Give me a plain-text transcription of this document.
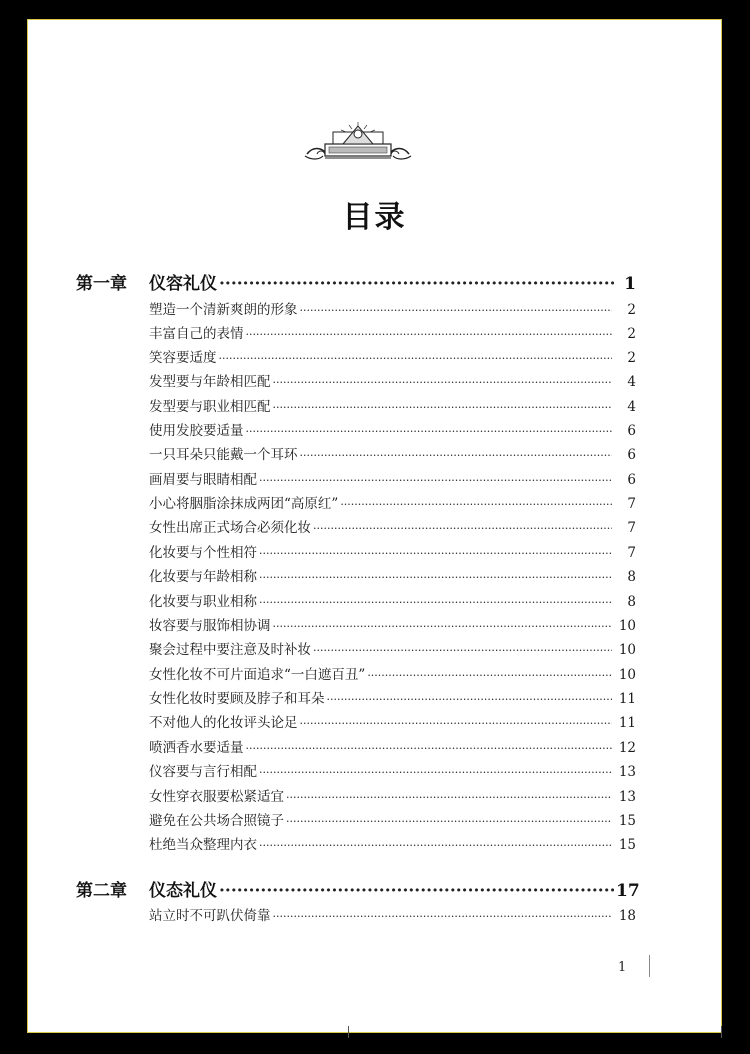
目录
第一章	仪容礼仪 ·····	1
塑造一个清新爽朗的形象 ·····	2
丰富自己的表情 ·····	2
笑容要适度 ·····	2
发型要与年龄相匹配 ·····	4
发型要与职业相匹配 ·····	4
使用发胶要适量 ·····	6
一只耳朵只能戴一个耳环 ·····	6
画眉要与眼睛相配 ·····	6
小心将胭脂涂抹成两团“高原红” ·····	7
女性出席正式场合必须化妆 ·····	7
化妆要与个性相符 ·····	7
化妆要与年龄相称 ·····	8
化妆要与职业相称 ·····	8
妆容要与服饰相协调 ·····	10
聚会过程中要注意及时补妆 ·····	10
女性化妆不可片面追求“一白遮百丑” ·····	10
女性化妆时要顾及脖子和耳朵 ·····	11
不对他人的化妆评头论足 ·····	11
喷洒香水要适量 ·····	12
仪容要与言行相配 ·····	13
女性穿衣服要松紧适宜 ·····	13
避免在公共场合照镜子 ·····	15
杜绝当众整理内衣 ·····	15
第二章	仪态礼仪 ·····	17
站立时不可趴伏倚靠 ·····	18
1
